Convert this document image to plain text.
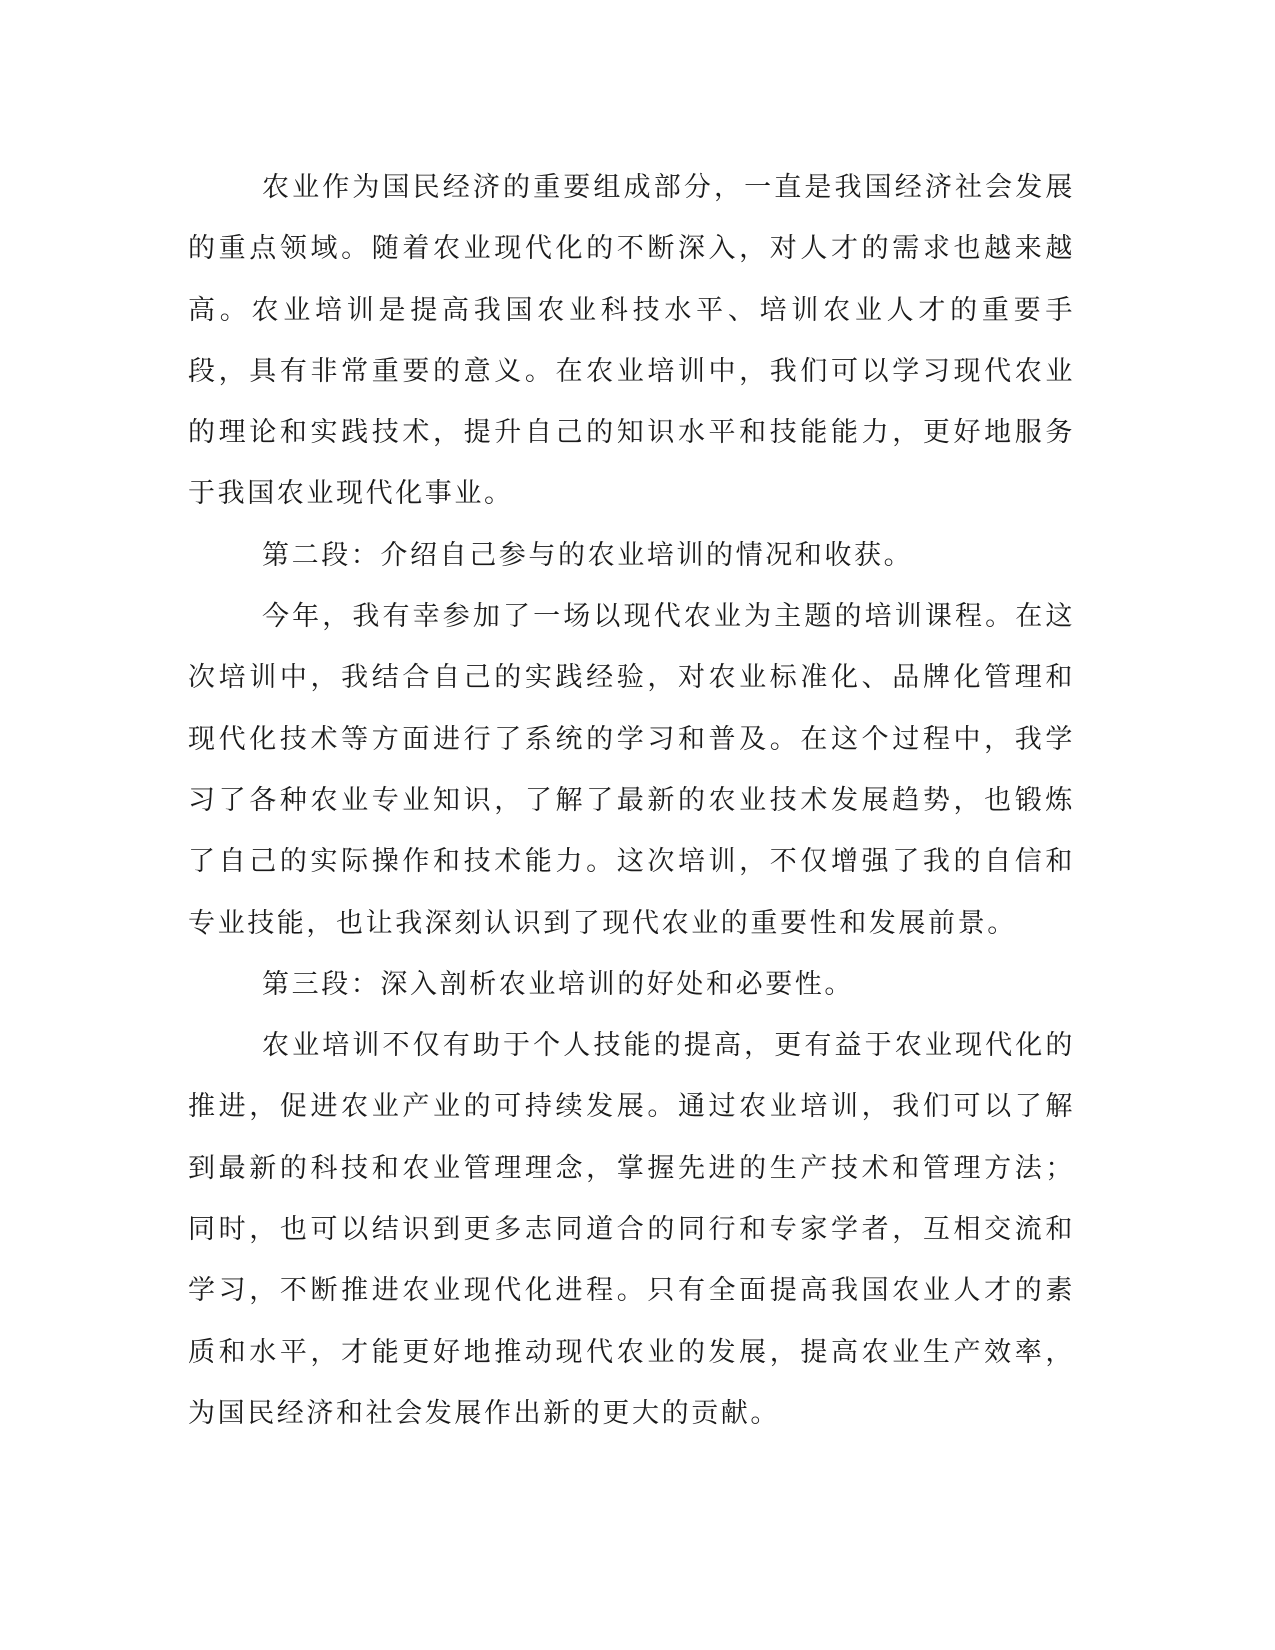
农业作为国民经济的重要组成部分，一直是我国经济社会发展的重点领域。随着农业现代化的不断深入，对人才的需求也越来越高。农业培训是提高我国农业科技水平、培训农业人才的重要手段，具有非常重要的意义。在农业培训中，我们可以学习现代农业的理论和实践技术，提升自己的知识水平和技能能力，更好地服务于我国农业现代化事业。

第二段：介绍自己参与的农业培训的情况和收获。

今年，我有幸参加了一场以现代农业为主题的培训课程。在这次培训中，我结合自己的实践经验，对农业标准化、品牌化管理和现代化技术等方面进行了系统的学习和普及。在这个过程中，我学习了各种农业专业知识，了解了最新的农业技术发展趋势，也锻炼了自己的实际操作和技术能力。这次培训，不仅增强了我的自信和专业技能，也让我深刻认识到了现代农业的重要性和发展前景。

第三段：深入剖析农业培训的好处和必要性。

农业培训不仅有助于个人技能的提高，更有益于农业现代化的推进，促进农业产业的可持续发展。通过农业培训，我们可以了解到最新的科技和农业管理理念，掌握先进的生产技术和管理方法；同时，也可以结识到更多志同道合的同行和专家学者，互相交流和学习，不断推进农业现代化进程。只有全面提高我国农业人才的素质和水平，才能更好地推动现代农业的发展，提高农业生产效率，为国民经济和社会发展作出新的更大的贡献。
